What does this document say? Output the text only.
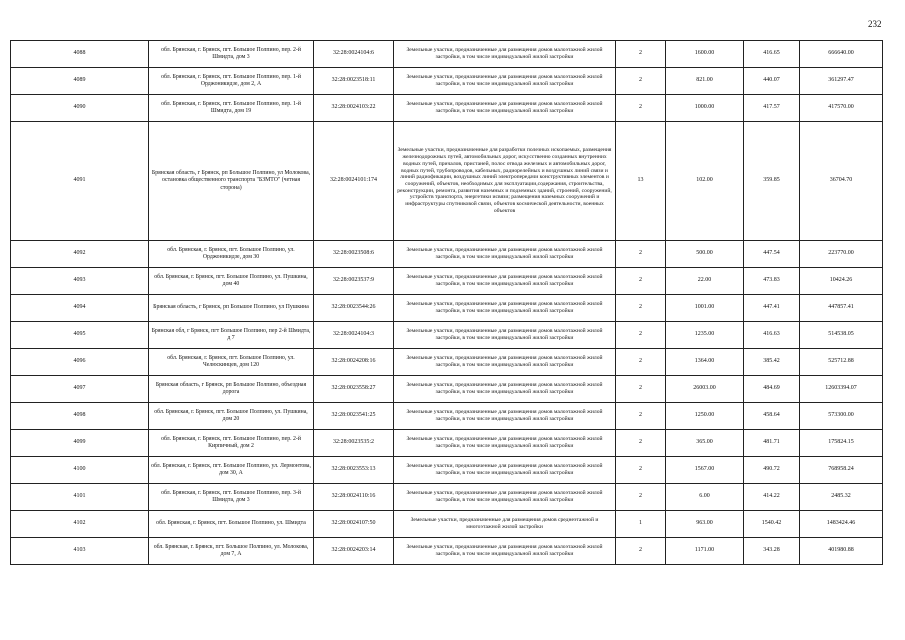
232
4088	обл. Брянская, г. Брянск, пгт. Большое Полпино, пер. 2-й Шмидта, дом 3	32:28:0024104:6	Земельные участки, предназначенные для размещения домов малоэтажной жилой застройки, в том числе индивидуальной жилой застройки	2	1600.00	416.65	666640.00
4089	обл. Брянская, г. Брянск, пгт. Большое Полпино, пер. 1-й Орджоникидзе, дом 2, А	32:28:0023518:11	Земельные участки, предназначенные для размещения домов малоэтажной жилой застройки, в том числе индивидуальной жилой застройки	2	821.00	440.07	361297.47
4090	обл. Брянская, г. Брянск, пгт. Большое Полпино, пер. 1-й Шмидта, дом 19	32:28:0024103:22	Земельные участки, предназначенные для размещения домов малоэтажной жилой застройки, в том числе индивидуальной жилой застройки	2	1000.00	417.57	417570.00
4091	Брянская область, г Брянск, рп Большое Полпино, ул Молокова, остановка общественного транспорта "БЗМТО" (четная сторона)	32:28:0024101:174	Земельные участки, предназначенные для разработки полезных ископаемых, размещения железнодорожных путей, автомобильных дорог, искусственно созданных внутренних водных путей, причалов, пристаней, полос отвода железных и автомобильных дорог, водных путей, трубопроводов, кабельных, радиорелейных и воздушных линий связи и линий радиофикации, воздушных линий электропередачи конструктивных элементов и сооружений, объектов, необходимых для эксплуатации,содержания, строительства, реконструкции, ремонта, развития наземных и подземных зданий, строений, сооружений, устройств транспорта, энергетики исвязи; размещения наземных сооружений и инфраструктуры спутниковой связи, объектов космической деятельности, военных объектов	13	102.00	359.85	36704.70
4092	обл. Брянская, г. Брянск, пгт. Большое Полпино, ул. Орджоникидзе, дом 30	32:28:0023508:6	Земельные участки, предназначенные для размещения домов малоэтажной жилой застройки, в том числе индивидуальной жилой застройки	2	500.00	447.54	223770.00
4093	обл. Брянская, г. Брянск, пгт. Большое Полпино, ул. Пушкина, дом 40	32:28:0023537:9	Земельные участки, предназначенные для размещения домов малоэтажной жилой застройки, в том числе индивидуальной жилой застройки	2	22.00	473.83	10424.26
4094	Брянская область, г Брянск, рп Большое Полпино, ул Пушкина	32:28:0023544:26	Земельные участки, предназначенные для размещения домов малоэтажной жилой застройки, в том числе индивидуальной жилой застройки	2	1001.00	447.41	447857.41
4095	Брянская обл, г Брянск, пгт Большое Полпино, пер 2-й Шмидта, д 7	32:28:0024104:3	Земельные участки, предназначенные для размещения домов малоэтажной жилой застройки, в том числе индивидуальной жилой застройки	2	1235.00	416.63	514538.05
4096	обл. Брянская, г. Брянск, пгт. Большое Полпино, ул. Челюскинцев, дом 120	32:28:0024208:16	Земельные участки, предназначенные для размещения домов малоэтажной жилой застройки, в том числе индивидуальной жилой застройки	2	1364.00	385.42	525712.88
4097	Брянская область, г Брянск, рп Большое Полпино, объездная дорога	32:28:0023558:27	Земельные участки, предназначенные для размещения домов малоэтажной жилой застройки, в том числе индивидуальной жилой застройки	2	26003.00	484.69	12603394.07
4098	обл. Брянская, г. Брянск, пгт. Большое Полпино, ул. Пушкина, дом 20	32:28:0023541:25	Земельные участки, предназначенные для размещения домов малоэтажной жилой застройки, в том числе индивидуальной жилой застройки	2	1250.00	458.64	573300.00
4099	обл. Брянская, г. Брянск, пгт. Большое Полпино, пер. 2-й Кирпичный, дом 2	32:28:0023535:2	Земельные участки, предназначенные для размещения домов малоэтажной жилой застройки, в том числе индивидуальной жилой застройки	2	365.00	481.71	175824.15
4100	обл. Брянская, г. Брянск, пгт. Большое Полпино, ул. Лермонтова, дом 30, А	32:28:0023553:13	Земельные участки, предназначенные для размещения домов малоэтажной жилой застройки, в том числе индивидуальной жилой застройки	2	1567.00	490.72	768958.24
4101	обл. Брянская, г. Брянск, пгт. Большое Полпино, пер. 3-й Шмидта, дом 3	32:28:0024110:16	Земельные участки, предназначенные для размещения домов малоэтажной жилой застройки, в том числе индивидуальной жилой застройки	2	6.00	414.22	2485.32
4102	обл. Брянская, г. Брянск, пгт. Большое Полпино, ул. Шмидта	32:28:0024107:50	Земельные участки, предназначенные для размещения домов среднеэтажной и многоэтажной жилой застройки	1	963.00	1540.42	1483424.46
4103	обл. Брянская, г. Брянск, пгт. Большое Полпино, ул. Молокова, дом 7, А	32:28:0024203:14	Земельные участки, предназначенные для размещения домов малоэтажной жилой застройки, в том числе индивидуальной жилой застройки	2	1171.00	343.28	401980.88
